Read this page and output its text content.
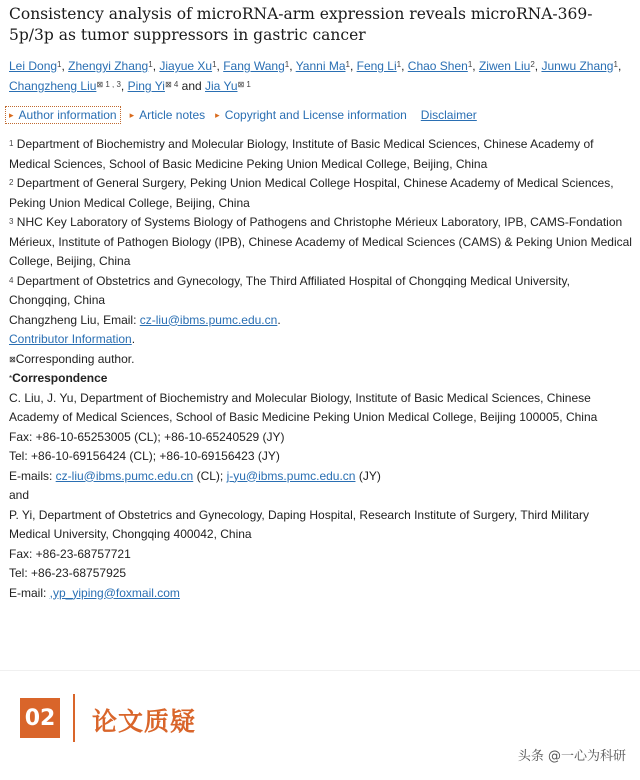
Consistency analysis of microRNA-arm expression reveals microRNA-369-5p/3p as tumor suppressors in gastric cancer
Lei Dong$^1$, Zhengyi Zhang$^1$, Jiayue Xu$^1$, Fang Wang$^1$, Yanni Ma$^1$, Feng Li$^1$, Chao Shen$^1$, Ziwen Liu$^2$, Junwu Zhang$^1$, Changzheng Liu$^{⊠ 1 , 3}$, Ping $Yi^{⊠ 4}$ and Jia $Yu^{⊠ 1}$
▸ Author information ▸ Article notes ▸ Copyright and License information Disclaimer

$^1$ Department of Biochemistry and Molecular Biology, Institute of Basic Medical Sciences, Chinese Academy of Medical Sciences, School of Basic Medicine Peking Union Medical College, Beijing, China

$^2$ Department of General Surgery, Peking Union Medical College Hospital, Chinese Academy of Medical Sciences, Peking Union Medical College, Beijing, China

$^3$ NHC Key Laboratory of Systems Biology of Pathogens and Christophe Mérieux Laboratory, IPB, CAMS-Fondation Mérieux, Institute of Pathogen Biology (IPB), Chinese Academy of Medical Sciences (CAMS) & Peking Union Medical College, Beijing, China

$^4$ Department of Obstetrics and Gynecology, The Third Affiliated Hospital of Chongqing Medical University, Chongqing, China

Changzheng Liu, Email: cz-liu@ibms.pumc.edu.cn.

Contributor Information.

⊠Corresponding author.

*Correspondence

C. Liu, J. Yu, Department of Biochemistry and Molecular Biology, Institute of Basic Medical Sciences, Chinese Academy of Medical Sciences, School of Basic Medicine Peking Union Medical College, Beijing 100005, China

Fax: +86-10-65253005 (CL); +86-10-65240529 (JY)

Tel: +86-10-69156424 (CL); +86-10-69156423 (JY)

E-mails: cz-liu@ibms.pumc.edu.cn (CL); j-yu@ibms.pumc.edu.cn (JY)

and

P. Yi, Department of Obstetrics and Gynecology, Daping Hospital, Research Institute of Surgery, Third Military Medical University, Chongqing 400042, China

Fax: +86-23-68757721

Tel: +86-23-68757925

E-mail: ,yp_yiping@foxmail.com

02 论文质疑
头条 @一心为科研
